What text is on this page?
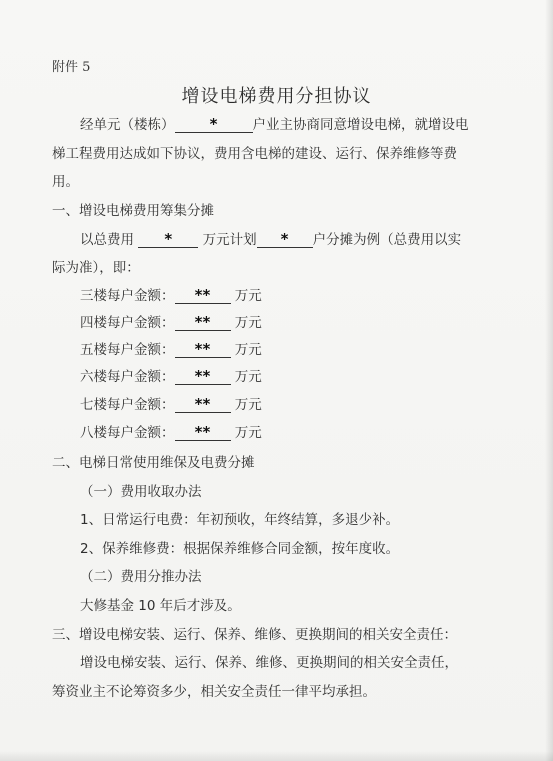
附件 5
增设电梯费用分担协议
经单元（楼栋） *	户业主协商同意增设电梯，就增设电
梯工程费用达成如下协议，费用含电梯的建设、运行、保养维修等费
用。
一、增设电梯费用筹集分摊
以总费用 * 万元计划 * 户分摊为例（总费用以实
际为准），即：
三楼每户金额： ** 万元
四楼每户金额： ** 万元
五楼每户金额： ** 万元
六楼每户金额： ** 万元
七楼每户金额： ** 万元
八楼每户金额： ** 万元
二、电梯日常使用维保及电费分摊
（一）费用收取办法
1、日常运行电费：年初预收，年终结算，多退少补。
2、保养维修费：根据保养维修合同金额，按年度收。
（二）费用分推办法
大修基金 10 年后才涉及。
三、增设电梯安装、运行、保养、维修、更换期间的相关安全责任：
增设电梯安装、运行、保养、维修、更换期间的相关安全责任，
筹资业主不论筹资多少，相关安全责任一律平均承担。
